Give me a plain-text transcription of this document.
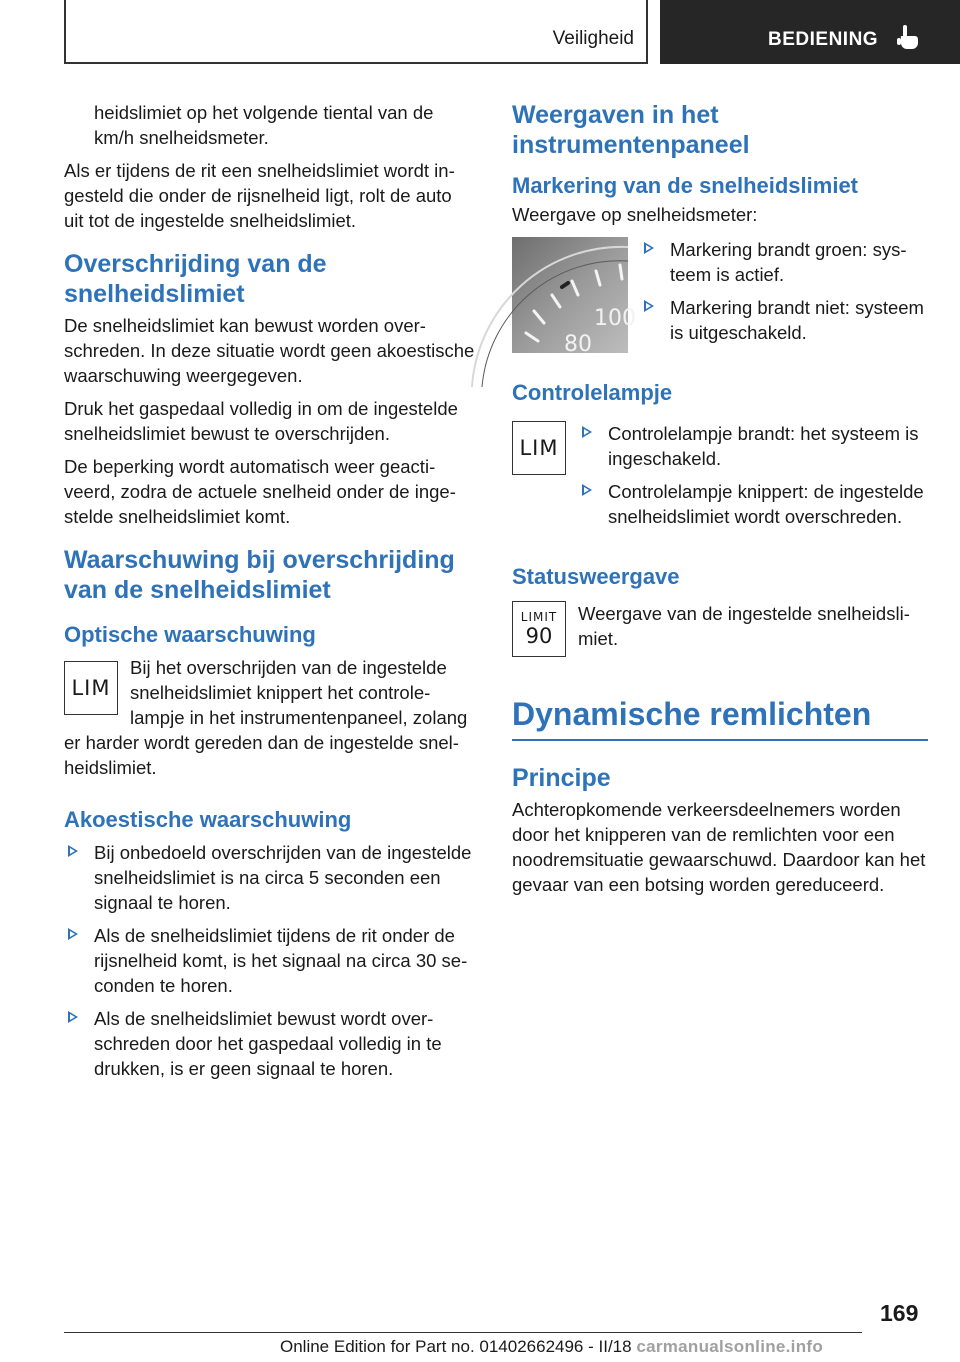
Veiligheid	BEDIENING

heidslimiet op het volgende tiental van de km/h snelheidsmeter.

Als er tijdens de rit een snelheidslimiet wordt ingesteld die onder de rijsnelheid ligt, rolt de auto uit tot de ingestelde snelheidslimiet.

Overschrijding van de snelheidslimiet

De snelheidslimiet kan bewust worden overschreden. In deze situatie wordt geen akoestische waarschuwing weergegeven.

Druk het gaspedaal volledig in om de ingestelde snelheidslimiet bewust te overschrijden.

De beperking wordt automatisch weer geactiveerd, zodra de actuele snelheid onder de ingestelde snelheidslimiet komt.

Waarschuwing bij overschrijding van de snelheidslimiet
Optische waarschuwing
LIM

Bij het overschrijden van de ingestelde snelheidslimiet knippert het controlelampje in het instrumentenpaneel, zolang er harder wordt gereden dan de ingestelde snelheidslimiet.

Akoestische waarschuwing

Bij onbedoeld overschrijden van de ingestelde snelheidslimiet is na circa 5 seconden een signaal te horen.

Als de snelheidslimiet tijdens de rit onder de rijsnelheid komt, is het signaal na circa 30 seconden te horen.

Als de snelheidslimiet bewust wordt overschreden door het gaspedaal volledig in te drukken, is er geen signaal te horen.

Weergaven in het instrumentenpaneel
Markering van de snelheidslimiet

Weergave op snelheidsmeter:

100
80

Markering brandt groen: systeem is actief.

Markering brandt niet: systeem is uitgeschakeld.

Controlelampje
LIM

Controlelampje brandt: het systeem is ingeschakeld.

Controlelampje knippert: de ingestelde snelheidslimiet wordt overschreden.

Statusweergave
LIMIT
90

Weergave van de ingestelde snelheidslimiet.

Dynamische remlichten
Principe

Achteropkomende verkeersdeelnemers worden door het knipperen van de remlichten voor een noodremsituatie gewaarschuwd. Daardoor kan het gevaar van een botsing worden gereduceerd.

169
Online Edition for Part no. 01402662496 - II/18 carmanualsonline.info
